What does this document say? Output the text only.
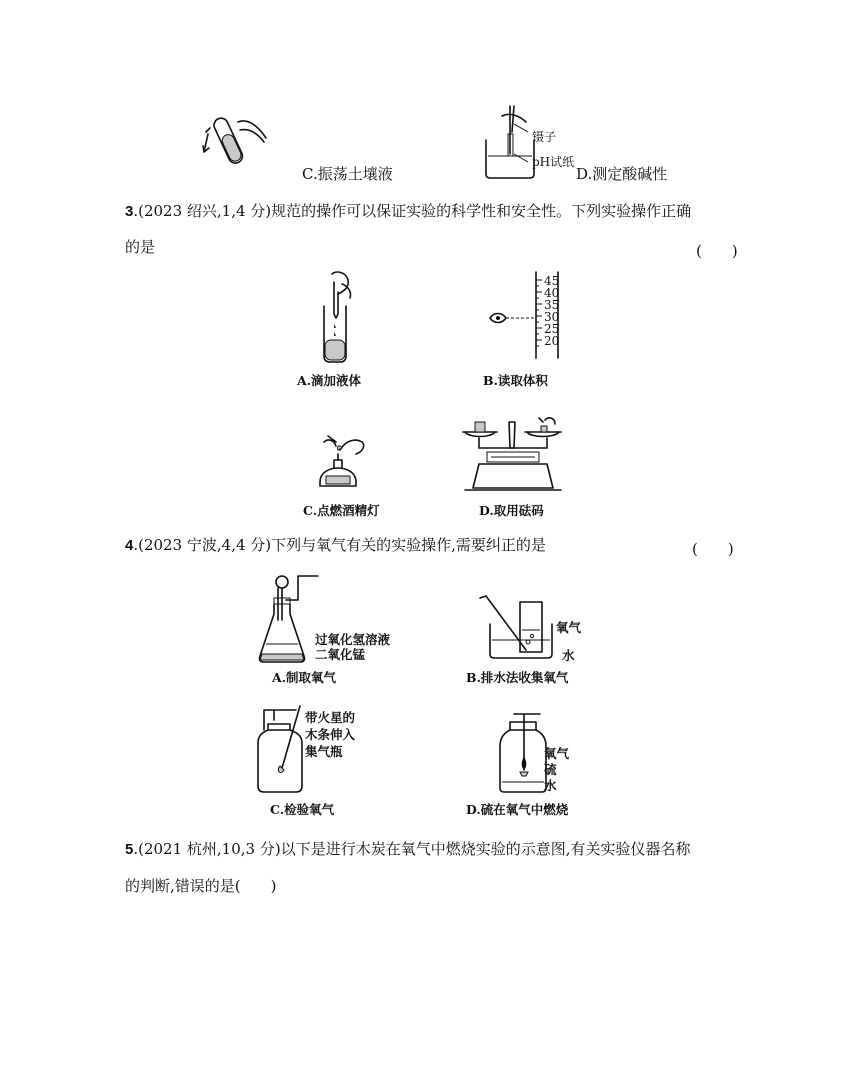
C.振荡土壤液
镊子
pH试纸
D.测定酸碱性
3.(2023 绍兴,1,4 分)规范的操作可以保证实验的科学性和安全性。下列实验操作正确
的是	(　　)
A.滴加液体
45
40
35
30
25
20
B.读取体积
C.点燃酒精灯	D.取用砝码
4.(2023 宁波,4,4 分)下列与氧气有关的实验操作,需要纠正的是	(　　)
过氧化氢溶液
二氧化锰
A.制取氧气
氧气
水
B.排水法收集氧气
带火星的
木条伸入
集气瓶
C.检验氧气
氧气
硫
水
D.硫在氧气中燃烧
5.(2021 杭州,10,3 分)以下是进行木炭在氧气中燃烧实验的示意图,有关实验仪器名称
的判断,错误的是(　　)
